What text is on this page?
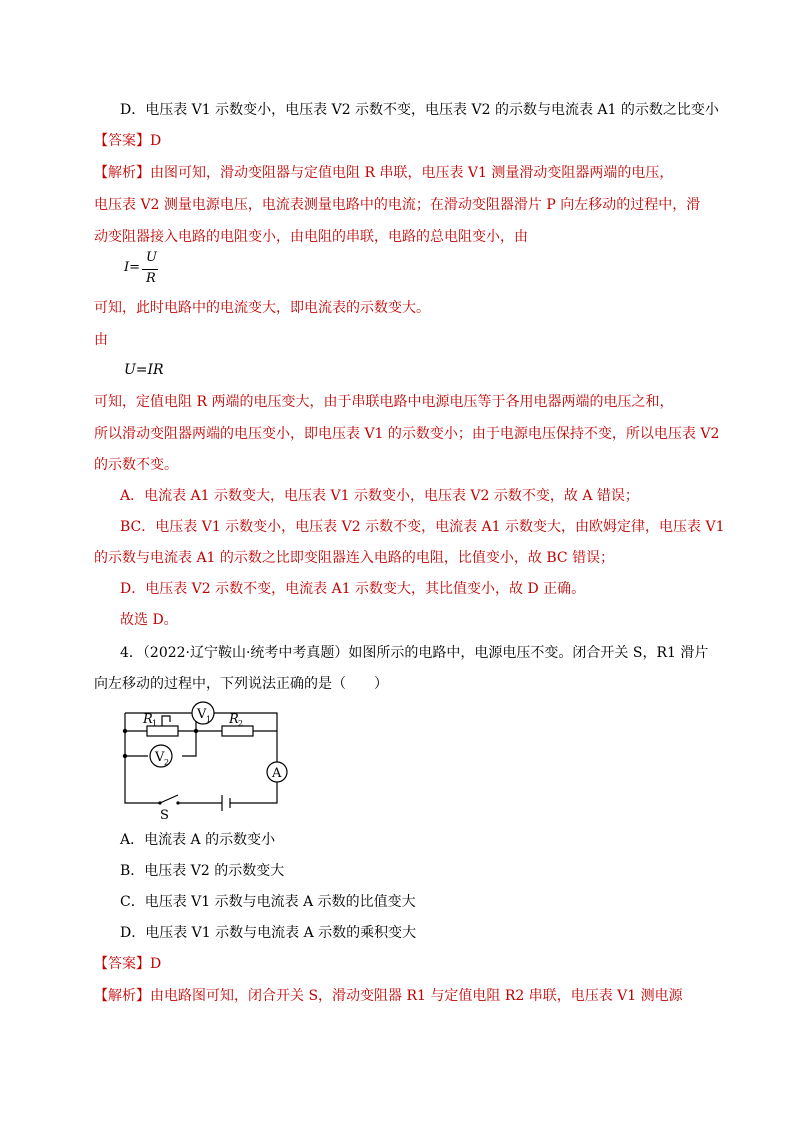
D．电压表 V1 示数变小，电压表 V2 示数不变，电压表 V2 的示数与电流表 A1 的示数之比变小
【答案】D
【解析】由图可知，滑动变阻器与定值电阻 R 串联，电压表 V1 测量滑动变阻器两端的电压，
电压表 V2 测量电源电压，电流表测量电路中的电流；在滑动变阻器滑片 P 向左移动的过程中，滑
动变阻器接入电路的电阻变小，由电阻的串联，电路的总电阻变小，由
I=
U
R
可知，此时电路中的电流变大，即电流表的示数变大。
由
U=IR
可知，定值电阻 R 两端的电压变大，由于串联电路中电源电压等于各用电器两端的电压之和，
所以滑动变阻器两端的电压变小，即电压表 V1 的示数变小；由于电源电压保持不变，所以电压表 V2
的示数不变。
A．电流表 A1 示数变大，电压表 V1 示数变小，电压表 V2 示数不变，故 A 错误；
BC．电压表 V1 示数变小，电压表 V2 示数不变，电流表 A1 示数变大，由欧姆定律，电压表 V1
的示数与电流表 A1 的示数之比即变阻器连入电路的电阻，比值变小，故 BC 错误；
D．电压表 V2 示数不变，电流表 A1 示数变大，其比值变小，故 D 正确。
故选 D。
4．（2022·辽宁鞍山·统考中考真题）如图所示的电路中，电源电压不变。闭合开关 S，R1 滑片
向左移动的过程中，下列说法正确的是（　　）
V 1
V 2
A
R 1	R 2
S
A．电流表 A 的示数变小
B．电压表 V2 的示数变大
C．电压表 V1 示数与电流表 A 示数的比值变大
D．电压表 V1 示数与电流表 A 示数的乘积变大
【答案】D
【解析】由电路图可知，闭合开关 S，滑动变阻器 R1 与定值电阻 R2 串联，电压表 V1 测电源
